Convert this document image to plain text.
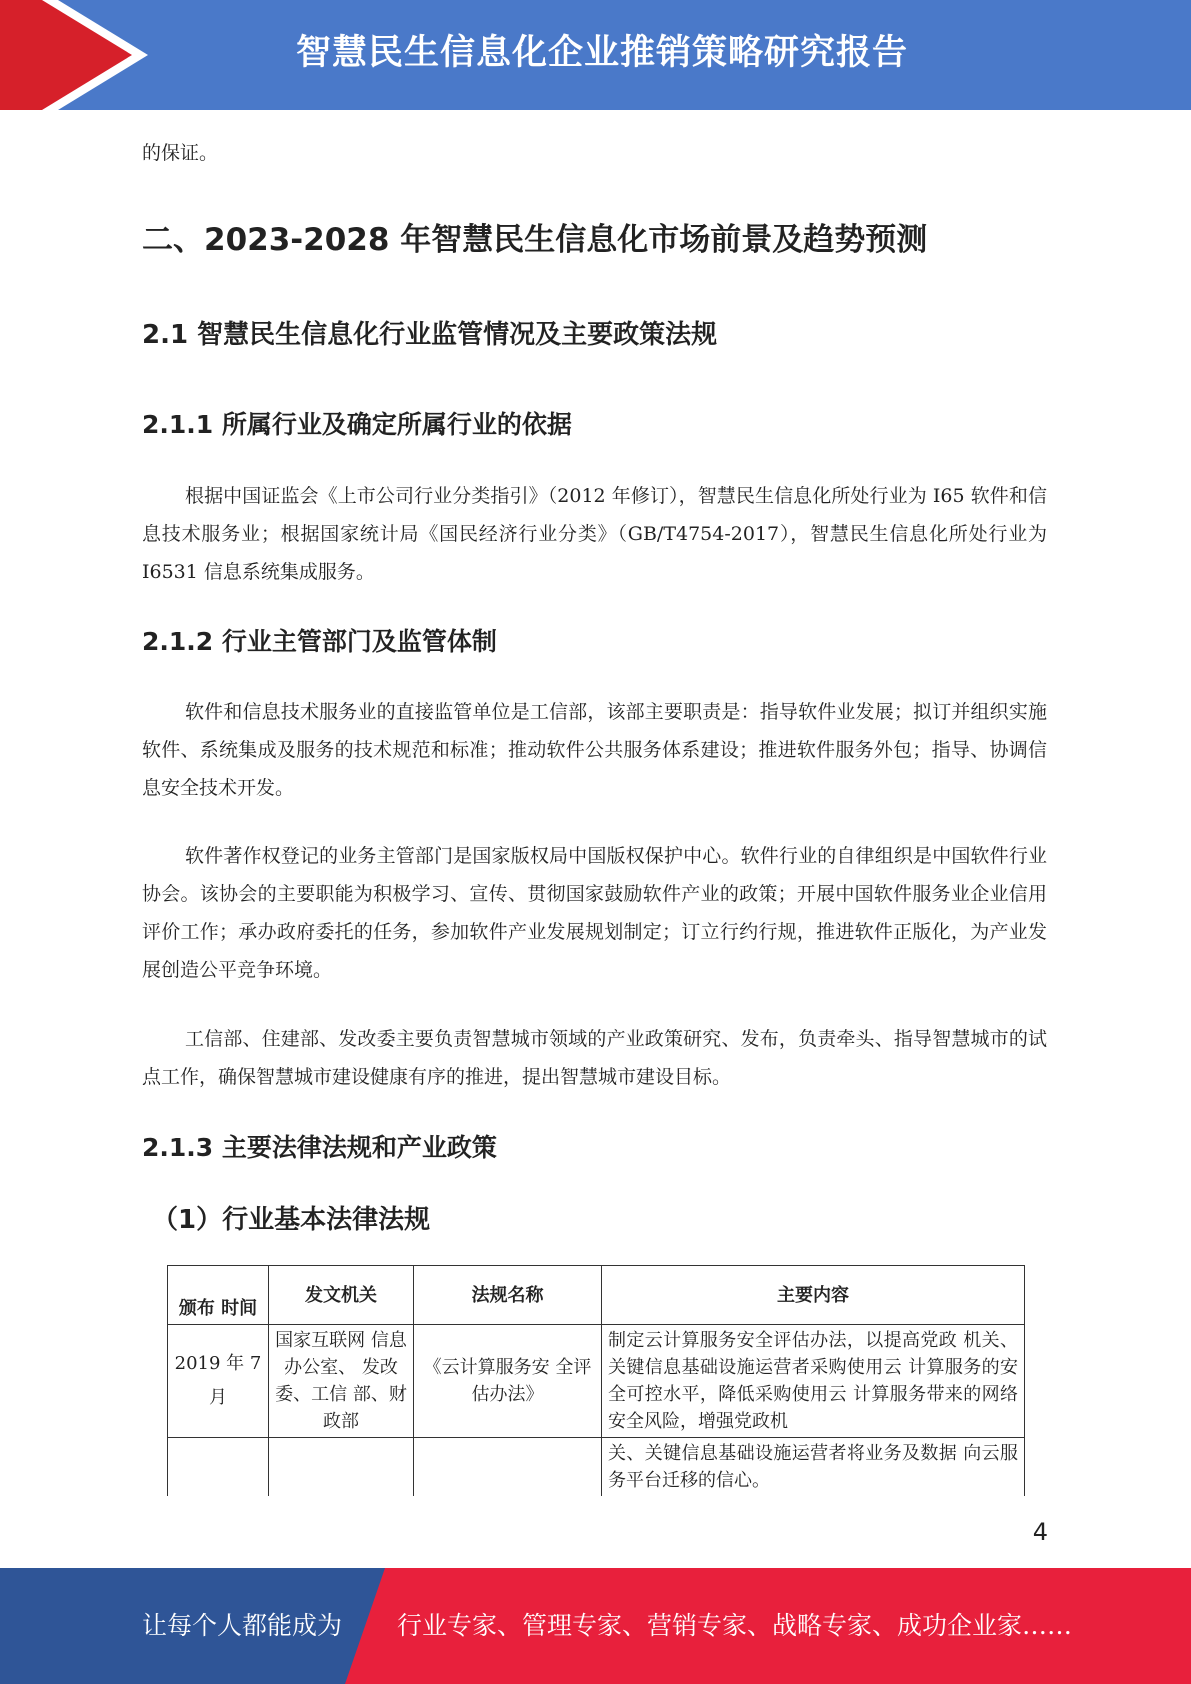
智慧民生信息化企业推销策略研究报告

的保证。

二、2023-2028 年智慧民生信息化市场前景及趋势预测
2.1 智慧民生信息化行业监管情况及主要政策法规
2.1.1 所属行业及确定所属行业的依据

根据中国证监会《上市公司行业分类指引》（2012 年修订），智慧民生信息化所处行业为 I65 软件和信息技术服务业；根据国家统计局《国民经济行业分类》（GB/T4754-2017），智慧民生信息化所处行业为 I6531 信息系统集成服务。

2.1.2 行业主管部门及监管体制

软件和信息技术服务业的直接监管单位是工信部，该部主要职责是：指导软件业发展；拟订并组织实施软件、系统集成及服务的技术规范和标准；推动软件公共服务体系建设；推进软件服务外包；指导、协调信息安全技术开发。

软件著作权登记的业务主管部门是国家版权局中国版权保护中心。软件行业的自律组织是中国软件行业协会。该协会的主要职能为积极学习、宣传、贯彻国家鼓励软件产业的政策；开展中国软件服务业企业信用评价工作；承办政府委托的任务，参加软件产业发展规划制定；订立行约行规，推进软件正版化，为产业发展创造公平竞争环境。

工信部、住建部、发改委主要负责智慧城市领域的产业政策研究、发布，负责牵头、指导智慧城市的试点工作，确保智慧城市建设健康有序的推进，提出智慧城市建设目标。

2.1.3 主要法律法规和产业政策
（1）行业基本法律法规
颁布 时间	发文机关	法规名称	主要内容
2019 年 7 月	国家互联网 信息办公室、 发改委、工信 部、财政部	《云计算服务安 全评估办法》	制定云计算服务安全评估办法，以提高党政 机关、关键信息基础设施运营者采购使用云 计算服务的安全可控水平，降低采购使用云 计算服务带来的网络安全风险，增强党政机
			关、关键信息基础设施运营者将业务及数据 向云服务平台迁移的信心。
4
让每个人都能成为 行业专家、管理专家、营销专家、战略专家、成功企业家……
